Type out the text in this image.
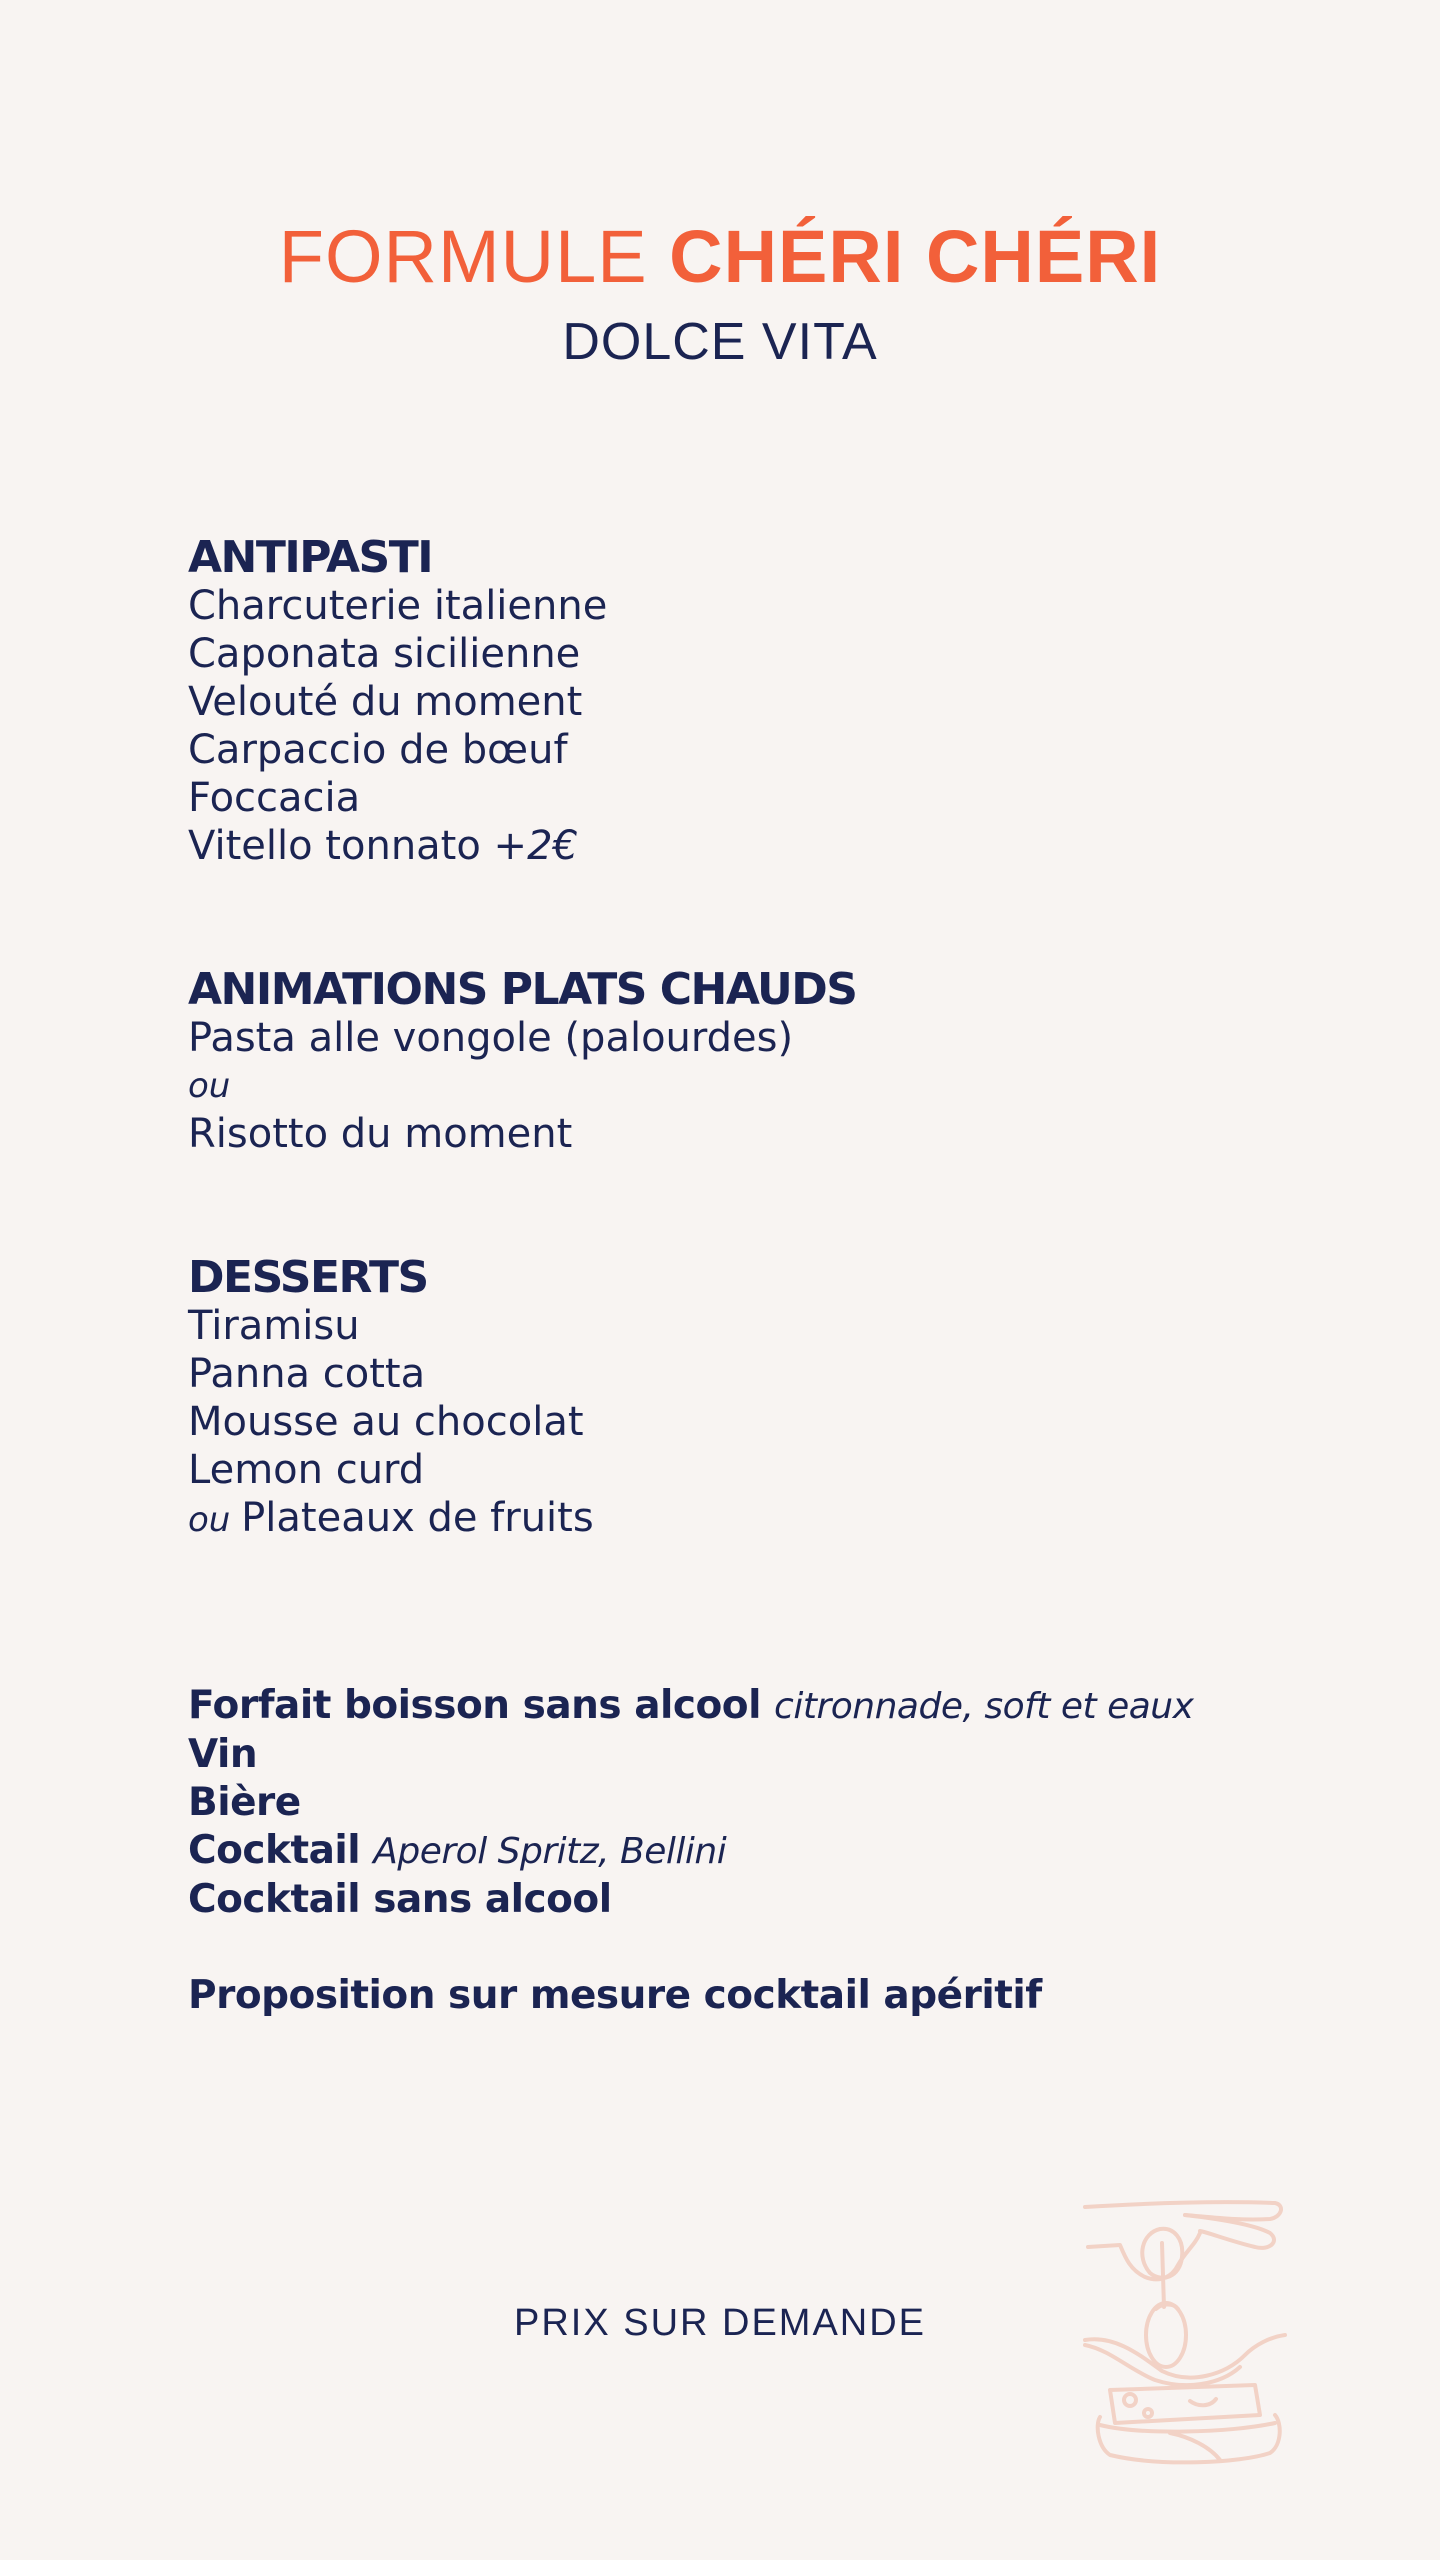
FORMULE CHÉRI CHÉRI
DOLCE VITA
ANTIPASTI
Charcuterie italienne
Caponata sicilienne
Velouté du moment
Carpaccio de bœuf
Foccacia
Vitello tonnato +2€
ANIMATIONS PLATS CHAUDS
Pasta alle vongole (palourdes)
ou
Risotto du moment
DESSERTS
Tiramisu
Panna cotta
Mousse au chocolat
Lemon curd
ou Plateaux de fruits
Forfait boisson sans alcool citronnade, soft et eaux
Vin
Bière
Cocktail Aperol Spritz, Bellini
Cocktail sans alcool
Proposition sur mesure cocktail apéritif
PRIX SUR DEMANDE
